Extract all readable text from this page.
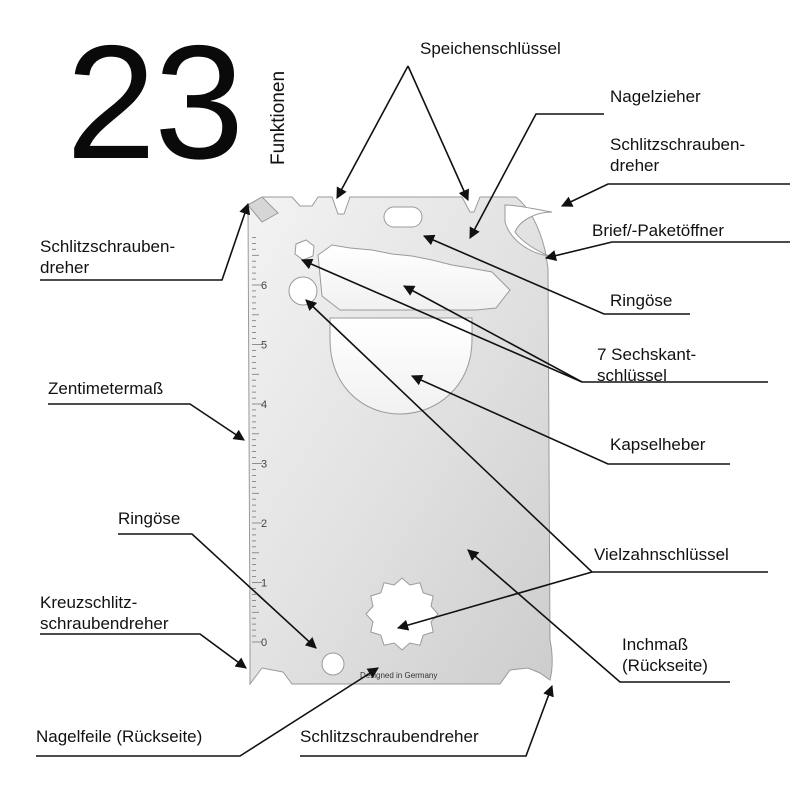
23 Funktionen
0
1
2
3
4
5
6
Designed in Germany
Speichenschlüssel
Nagelzieher
Schlitzschrauben-
dreher
Brief/-Paketöffner
Ringöse
7 Sechskant-
schlüssel
Kapselheber
Vielzahnschlüssel
Inchmaß
(Rückseite)
Schlitzschrauben-
dreher
Zentimetermaß
Ringöse
Kreuzschlitz-
schraubendreher
Nagelfeile (Rückseite)	Schlitzschraubendreher
